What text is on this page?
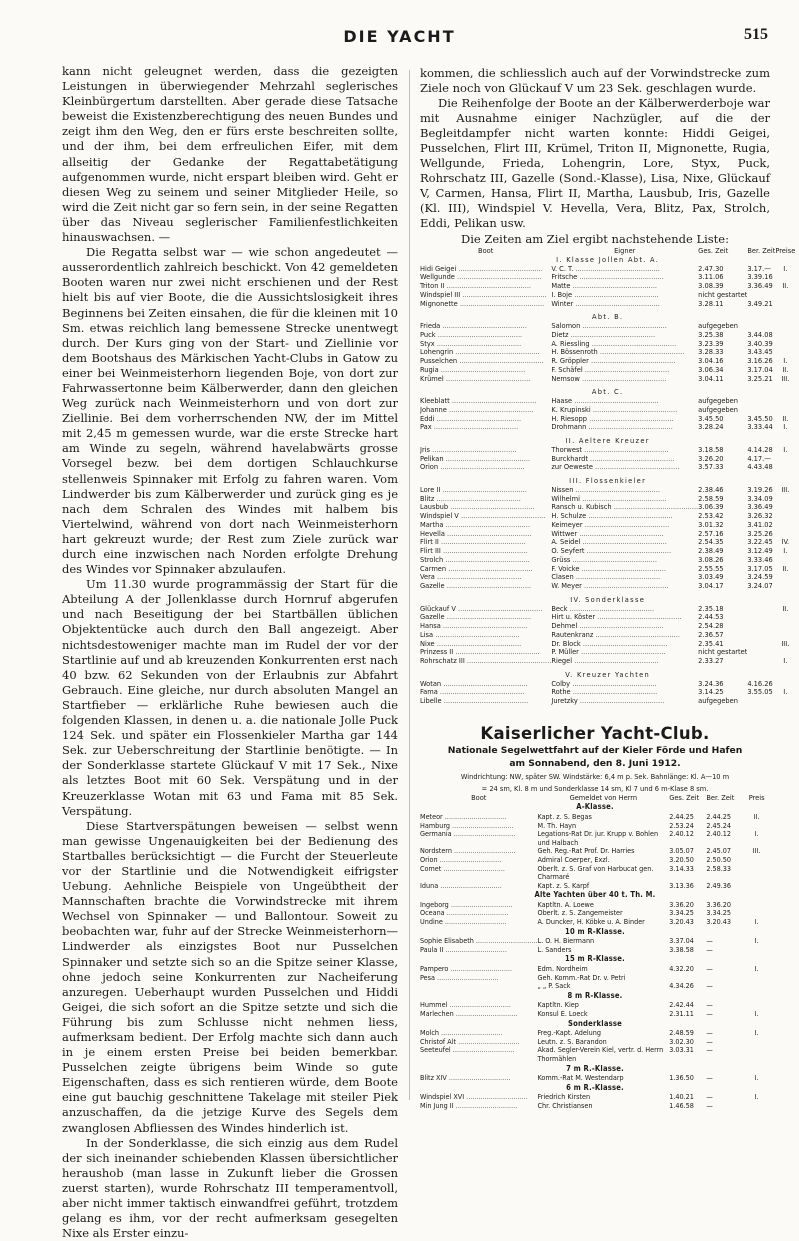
DIE YACHT	515

kann nicht geleugnet werden, dass die gezeigten Leistungen in überwiegender Mehrzahl seglerisches Kleinbürgertum darstellten. Aber gerade diese Tatsache beweist die Existenzberechtigung des neuen Bundes und zeigt ihm den Weg, den er fürs erste beschreiten sollte, und der ihm, bei dem erfreulichen Eifer, mit dem allseitig der Gedanke der Regattabetätigung aufgenommen wurde, nicht erspart bleiben wird. Geht er diesen Weg zu seinem und seiner Mitglieder Heile, so wird die Zeit nicht gar so fern sein, in der seine Regatten über das Niveau seglerischer Familienfestlichkeiten hinauswachsen. —

Die Regatta selbst war — wie schon angedeutet — ausserordentlich zahlreich beschickt. Von 42 gemeldeten Booten waren nur zwei nicht erschienen und der Rest hielt bis auf vier Boote, die die Aussichtslosigkeit ihres Beginnens bei Zeiten einsahen, die für die kleinen mit 10 Sm. etwas reichlich lang bemessene Strecke unentwegt durch. Der Kurs ging von der Start- und Ziellinie vor dem Bootshaus des Märkischen Yacht-Clubs in Gatow zu einer bei Weinmeisterhorn liegenden Boje, von dort zur Fahrwassertonne beim Kälberwerder, dann den gleichen Weg zurück nach Weinmeisterhorn und von dort zur Ziellinie. Bei dem vorherrschenden NW, der im Mittel mit 2,45 m gemessen wurde, war die erste Strecke hart am Winde zu segeln, während havelabwärts grosse Vorsegel bezw. bei dem dortigen Schlauchkurse stellenweis Spinnaker mit Erfolg zu fahren waren. Vom Lindwerder bis zum Kälberwerder und zurück ging es je nach dem Schralen des Windes mit halbem bis Viertelwind, während von dort nach Weinmeisterhorn hart gekreuzt wurde; der Rest zum Ziele zurück war durch eine inzwischen nach Norden erfolgte Drehung des Windes vor Spinnaker abzulaufen.

Um 11.30 wurde programmässig der Start für die Abteilung A der Jollenklasse durch Hornruf abgerufen und nach Beseitigung der bei Startbällen üblichen Objektentücke auch durch den Ball angezeigt. Aber nichtsdestoweniger machte man im Rudel der vor der Startlinie auf und ab kreuzenden Konkurrenten erst nach 40 bzw. 62 Sekunden von der Erlaubnis zur Abfahrt Gebrauch. Eine gleiche, nur durch absoluten Mangel an Startfieber — erklärliche Ruhe bewiesen auch die folgenden Klassen, in denen u. a. die nationale Jolle Puck 124 Sek. und später ein Flossenkieler Martha gar 144 Sek. zur Ueberschreitung der Startlinie benötigte. — In der Sonderklasse startete Glückauf V mit 17 Sek., Nixe als letztes Boot mit 60 Sek. Verspätung und in der Kreuzerklasse Wotan mit 63 und Fama mit 85 Sek. Verspätung.

Diese Startverspätungen beweisen — selbst wenn man gewisse Ungenauigkeiten bei der Bedienung des Startballes berücksichtigt — die Furcht der Steuerleute vor der Startlinie und die Notwendigkeit eifrigster Uebung. Aehnliche Beispiele von Ungeübtheit der Mannschaften brachte die Vorwindstrecke mit ihrem Wechsel von Spinnaker — und Ballontour. Soweit zu beobachten war, fuhr auf der Strecke Weinmeisterhorn—Lindwerder als einzigstes Boot nur Pusselchen Spinnaker und setzte sich so an die Spitze seiner Klasse, ohne jedoch seine Konkurrenten zur Nacheiferung anzuregen. Ueberhaupt wurden Pusselchen und Hiddi Geigei, die sich sofort an die Spitze setzte und sich die Führung bis zum Schlusse nicht nehmen liess, aufmerksam bedient. Der Erfolg machte sich dann auch in je einem ersten Preise bei beiden bemerkbar. Pusselchen zeigte übrigens beim Winde so gute Eigenschaften, dass es sich rentieren würde, dem Boote eine gut bauchig geschnittene Takelage mit steiler Piek anzuschaffen, da die jetzige Kurve des Segels dem zwanglosen Abfliessen des Windes hinderlich ist.

In der Sonderklasse, die sich einzig aus dem Rudel der sich ineinander schiebenden Klassen übersichtlicher heraushob (man lasse in Zukunft lieber die Grossen zuerst starten), wurde Rohrschatz III temperamentvoll, aber nicht immer taktisch einwandfrei geführt, trotzdem gelang es ihm, vor der recht aufmerksam gesegelten Nixe als Erster einzu-

kommen, die schliesslich auch auf der Vorwindstrecke zum Ziele noch von Glückauf V um 23 Sek. geschlagen wurde.

Die Reihenfolge der Boote an der Kälberwerderboje war mit Ausnahme einiger Nachzügler, auf die der Begleitdampfer nicht warten konnte: Hiddi Geigei, Pusselchen, Flirt III, Krümel, Triton II, Mignonette, Rugia, Wellgunde, Frieda, Lohengrin, Lore, Styx, Puck, Rohrschatz III, Gazelle (Sond.-Klasse), Lisa, Nixe, Glückauf V, Carmen, Hansa, Flirt II, Martha, Lausbub, Iris, Gazelle (Kl. III), Windspiel V. Hevella, Vera, Blitz, Pax, Strolch, Eddi, Pelikan usw.

Die Zeiten am Ziel ergibt nachstehende Liste:

Boot	Eigner	Ges. Zeit	Ber. Zeit	Preise
I. Klasse Jollen Abt. A.				
Hidi Geigei ........................................	V. C. T. ........................................	2.47.30	3.17.—	I.
Wellgunde ........................................	Fritsche ........................................	3.11.06	3.39.16	
Triton II ........................................	Matte ........................................	3.08.39	3.36.49	II.
Windspiel III ........................................	I. Boje ........................................	nicht gestartet		
Mignonette ........................................	Winter ........................................	3.28.11	3.49.21	

Abt. B.				
Frieda ........................................	Salomon ........................................	aufgegeben		
Puck ........................................	Dietz ........................................	3.25.38	3.44.08	
Styx ........................................	A. Riessling ........................................	3.23.39	3.40.39	
Lohengrin ........................................	H. Bössenroth ........................................	3.28.33	3.43.45	
Pusselchen ........................................	R. Gröppler ........................................	3.04.16	3.16.26	I.
Rugia ........................................	F. Schäfel ........................................	3.06.34	3.17.04	II.
Krümel ........................................	Nemsow ........................................	3.04.11	3.25.21	III.

Abt. C.				
Kleeblatt ........................................	Haase ........................................	aufgegeben		
Johanne ........................................	K. Krupinski ........................................	aufgegeben		
Eddi ........................................	H. Riesopp ........................................	3.45.50	3.45.50	II.
Pax ........................................	Drohmann ........................................	3.28.24	3.33.44	I.

II. Aeltere Kreuzer				
Jris ........................................	Thorwest ........................................	3.18.58	4.14.28	I.
Pelikan ........................................	Burckhardt ........................................	3.26.20	4.17.—	
Orion ........................................	zur Oeweste ........................................	3.57.33	4.43.48	

III. Flossenkieler				
Lore II ........................................	Nissen ........................................	2.38.46	3.19.26	III.
Blitz ........................................	Wilhelmi ........................................	2.58.59	3.34.09	
Lausbub ........................................	Ransch u. Kubisch ........................................	3.06.39	3.36.49	
Windspiel V ........................................	H. Schulze ........................................	2.53.42	3.26.32	
Martha ........................................	Keimeyer ........................................	3.01.32	3.41.02	
Hevella ........................................	Wittwer ........................................	2.57.16	3.25.26	
Flirt II ........................................	A. Seidel ........................................	2.54.35	3.22.45	IV.
Flirt III ........................................	O. Seyfert ........................................	2.38.49	3.12.49	I.
Strolch ........................................	Grüss ........................................	3.08.26	3.33.46	
Carmen ........................................	F. Voicke ........................................	2.55.55	3.17.05	II.
Vera ........................................	Clasen ........................................	3.03.49	3.24.59	
Gazelle ........................................	W. Meyer ........................................	3.04.17	3.24.07	

IV. Sonderklasse				
Glückauf V ........................................	Beck ........................................	2.35.18		II.
Gazelle ........................................	Hirt u. Köster ........................................	2.44.53		
Hansa ........................................	Dehmel ........................................	2.54.28		
Lisa ........................................	Rautenkranz ........................................	2.36.57		
Nixe ........................................	Dr. Block ........................................	2.35.41		III.
Prinzess II ........................................	P. Müller ........................................	nicht gestartet		
Rohrschatz III ........................................	Riegel ........................................	2.33.27		I.

V. Kreuzer Yachten				
Wotan ........................................	Colby ........................................	3.24.36	4.16.26	
Fama ........................................	Rothe ........................................	3.14.25	3.55.05	I.
Libelle ........................................	Juretzky ........................................	aufgegeben		
Kaiserlicher Yacht-Club.
Nationale Segelwettfahrt auf der Kieler Förde und Hafen
am Sonnabend, den 8. Juni 1912.
Windrichtung: NW, später SW. Windstärke: 6,4 m p. Sek. Bahnlänge: Kl. A—10 m
= 24 sm, Kl. 8 m und Sonderklasse 14 sm, Kl 7 und 6 m-Klase 8 sm.
Boot	Gemeldet von Herrn	Ges. Zeit	Ber. Zeit	Preis
A-Klasse.				
Meteor ..............................	Kapt. z. S. Begas	2.44.25	2.44.25	II.
Hamburg ..............................	M. Th. Hayn	2.53.24	2.45.24	
Germania ..............................	Legations-Rat Dr. jur. Krupp v. Bohlen und Halbach	2.40.12	2.40.12	I.
Nordstern ..............................	Geh. Reg.-Rat Prof. Dr. Harries	3.05.07	2.45.07	III.
Orion ..............................	Admiral Coerper, Exzl.	3.20.50	2.50.50	
Comet ..............................	Oberlt. z. S. Graf von Harbucat gen. Charmaré	3.14.33	2.58.33	
Iduna ..............................	Kapt. z. S. Karpf	3.13.36	2.49.36	
Alte Yachten über 40 t. Th. M.				
Ingeborg ..............................	Kaptltn. A. Loewe	3.36.20	3.36.20	
Oceana ..............................	Oberlt. z. S. Zangemeister	3.34.25	3.34.25	
Undine ..............................	A. Duncker, H. Köbke u. A. Binder	3.20.43	3.20.43	I.
10 m R-Klasse.				
Sophie Elisabeth ..............................	L. O. H. Biermann	3.37.04	—	I.
Paula II ..............................	L. Sanders	3.38.58	—	
15 m R-Klasse.				
Pampero ..............................	Edm. Nordheim	4.32.20	—	I.
Pesa ..............................	Geh. Komm.-Rat Dr. v. Petri			
	„ „ P. Sack	4.34.26	—	
8 m R-Klasse.				
Hummel ..............................	Kaptltn. Kiep	2.42.44	—	
Marlechen ..............................	Konsul E. Loeck	2.31.11	—	I.
Sonderklasse				
Molch ..............................	Freg.-Kapt. Adelung	2.48.59	—	I.
Christof Alt ..............................	Leutn. z. S. Barandon	3.02.30	—	
Seeteufel ..............................	Akad. Segler-Verein Kiel, vertr. d. Herrn Thormählen	3.03.31	—	
7 m R.-Klasse.				
Blitz XIV ..............................	Komm.-Rat M. Westendarp	1.36.50	—	I.
6 m R.-Klasse.				
Windspiel XVI ..............................	Friedrich Kirsten	1.40.21	—	I.
Min Jung II ..............................	Chr. Christiansen	1.46.58	—	
